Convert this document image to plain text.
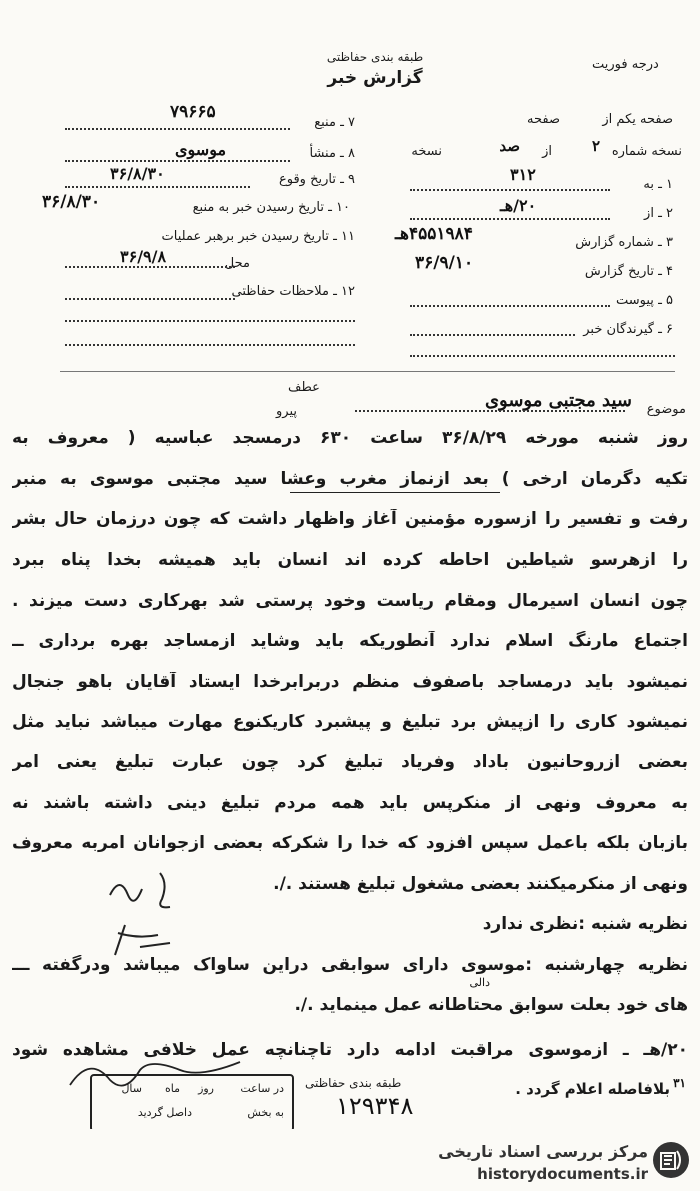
طبقه بندی حفاظتی
گزارش خبر
درجه فوریت
۷ ـ منبع
۷۹۶۶۵
۸ ـ منشأ
موسوی
۹ ـ تاریخ وقوع
۳۶/۸/۳۰
۱۰ ـ تاریخ رسیدن خبر به منبع
۳۶/۸/۳۰
۱۱ ـ تاریخ رسیدن خبر برهبر عملیات
محل
۳۶/۹/۸
۱۲ ـ ملاحظات حفاظتی
صفحه یکم از
صفحه
نسخه شماره
۲
از
صد
نسخه
۱ ـ به
۳۱۲
۲ ـ از
۲۰/هـ
۳ ـ شماره گزارش
۴۵۵۱۹۸۴هـ
۴ ـ تاریخ گزارش
۳۶/۹/۱۰
۵ ـ پیوست
۶ ـ گیرندگان خبر
عطف
پیرو	موضوع
سید مجتبی موسوی
روز شنبه مورخه ۳۶/۸/۲۹ ساعت ۶۳۰ درمسجد عباسیه ( معروف به
تکیه دگرمان ارخی ) بعد ازنماز مغرب وعشا سید مجتبی موسوی به منبر
رفت و تفسیر را ازسوره مؤمنین آغاز واظهار داشت که چون درزمان حال بشر
را ازهرسو شیاطین احاطه کرده اند انسان باید همیشه بخدا پناه ببرد
چون انسان اسیرمال ومقام ریاست وخود پرستی شد بهرکاری دست میزند .
اجتماع مارنگ اسلام ندارد آنطوریکه باید وشاید ازمساجد بهره برداری ــ
نمیشود باید درمساجد باصفوف منظم دربرابرخدا ایستاد آقایان باهو جنجال
نمیشود کاری را ازپیش برد تبلیغ و پیشبرد کاریکنوع مهارت میباشد نباید مثل
بعضی ازروحانیون باداد وفریاد تبلیغ کرد چون عبارت تبلیغ یعنی امر
به معروف ونهی از منکرپس باید همه مردم تبلیغ دینی داشته باشند نه
بازبان بلکه باعمل سپس افزود که خدا را شکرکه بعضی ازجوانان امربه معروف
ونهی از منکرمیکنند بعضی مشغول تبلیغ هستند ./.
نظریه شنبه :نظری ندارد
نظریه چهارشنبه :موسوی دارای سوابقی دراین ساواک میباشد ودرگفته ـــ
های خود بعلت سوابق محتاطانه عمل مینماید ./.
دالی
۲۰/هـ ـ ازموسوی مراقبت ادامه دارد تاچنانچه عمل خلافی مشاهده شود
بلافاصله اعلام گردد . ۳۱
طبقه بندی حفاظتی
۱۲۹۳۴۸
در ساعت
روز
ماه
سال
به بخش
داصل گردید
مرکز بررسی اسناد تاریخی
historydocuments.ir
